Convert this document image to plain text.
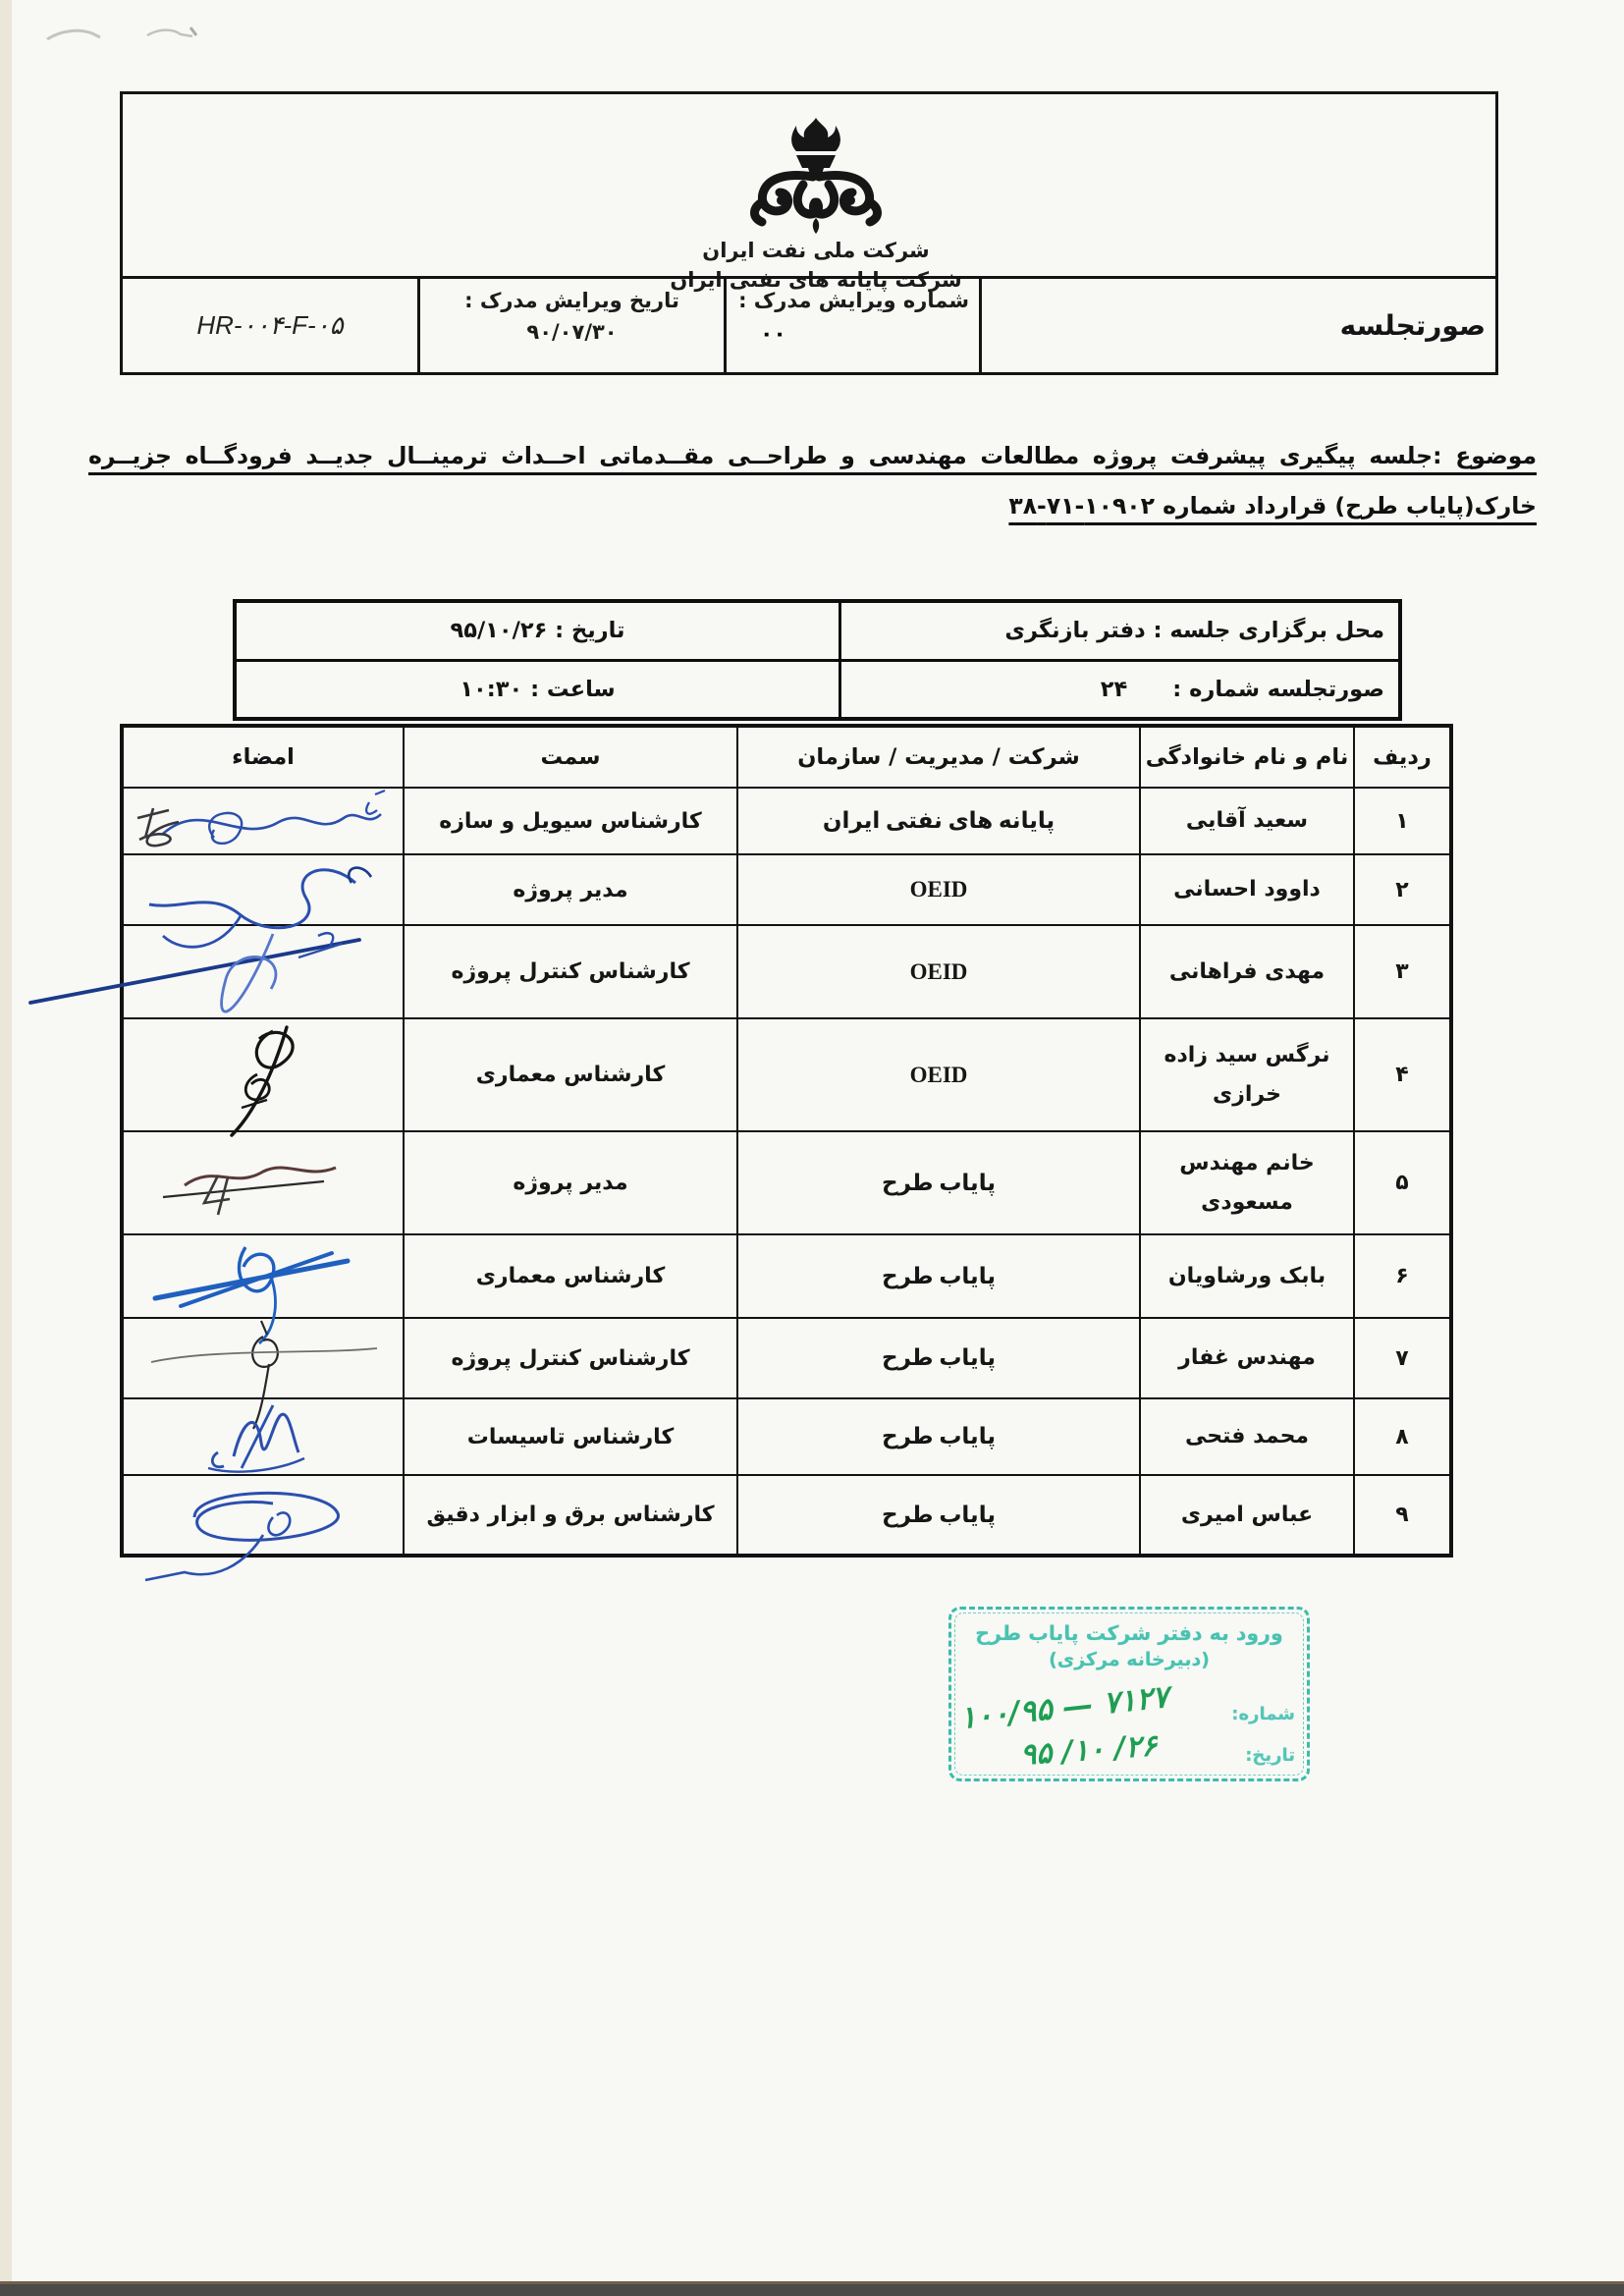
شرکت ملی نفت ایران
شرکت پایانه های نفتی ایران
HR-۰۰۴-F-۰۵
تاریخ ویرایش مدرک :
۹۰/۰۷/۳۰
شماره ویرایش مدرک :
۰۰	صورتجلسه
موضوع :جلسه پیگیری پیشرفت پروژه مطالعات مهندسی و طراحــی مقــدماتی احــداث ترمینــال جدیــد فرودگــاه جزیــره
خارک(پایاب طرح) قرارداد شماره ۱۰۹۰۲-۷۱-۳۸
محل برگزاری جلسه : دفتر بازنگری
تاریخ : ۹۵/۱۰/۲۶
صورتجلسه شماره :
۲۴
ساعت : ۱۰:۳۰
ردیف	نام و نام خانوادگی	شرکت / مدیریت / سازمان	سمت	امضاء
۱	سعید آقایی	پایانه های نفتی ایران	کارشناس سیویل و سازه	

۲	داوود احسانی	OEID	مدیر پروژه	

۳	مهدی فراهانی	OEID	کارشناس کنترل پروژه	

۴	نرگس سید زاده خرازی	OEID	کارشناس معماری	

۵	خانم مهندس مسعودی	پایاب طرح	مدیر پروژه	

۶	بابک ورشاویان	پایاب طرح	کارشناس معماری	

۷	مهندس غفار	پایاب طرح	کارشناس کنترل پروژه	

۸	محمد فتحی	پایاب طرح	کارشناس تاسیسات	

۹	عباس امیری	پایاب طرح	کارشناس برق و ابزار دقیق	
ورود به دفتر شرکت پایاب طرح
(دبیرخانه مرکزی)
شماره:
۱۰۰/۹۵ — ۷۱۲۷
تاریخ:
۹۵ /۱۰ /۲۶
